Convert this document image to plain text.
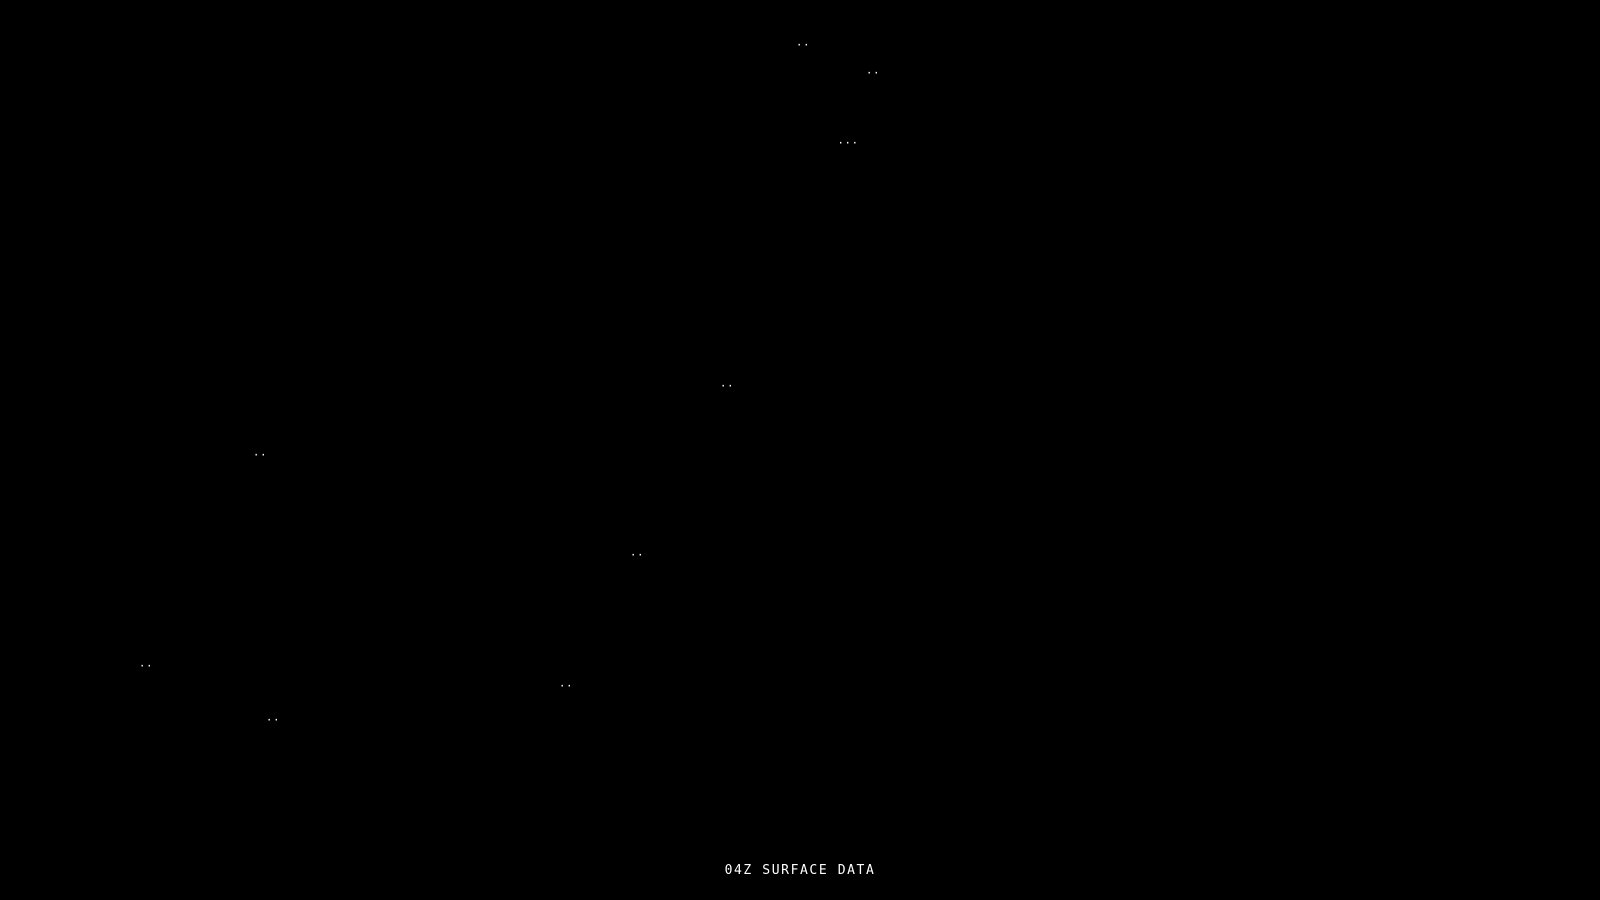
..

..

...

..

..

..

..

..

..

04Z SURFACE DATA
